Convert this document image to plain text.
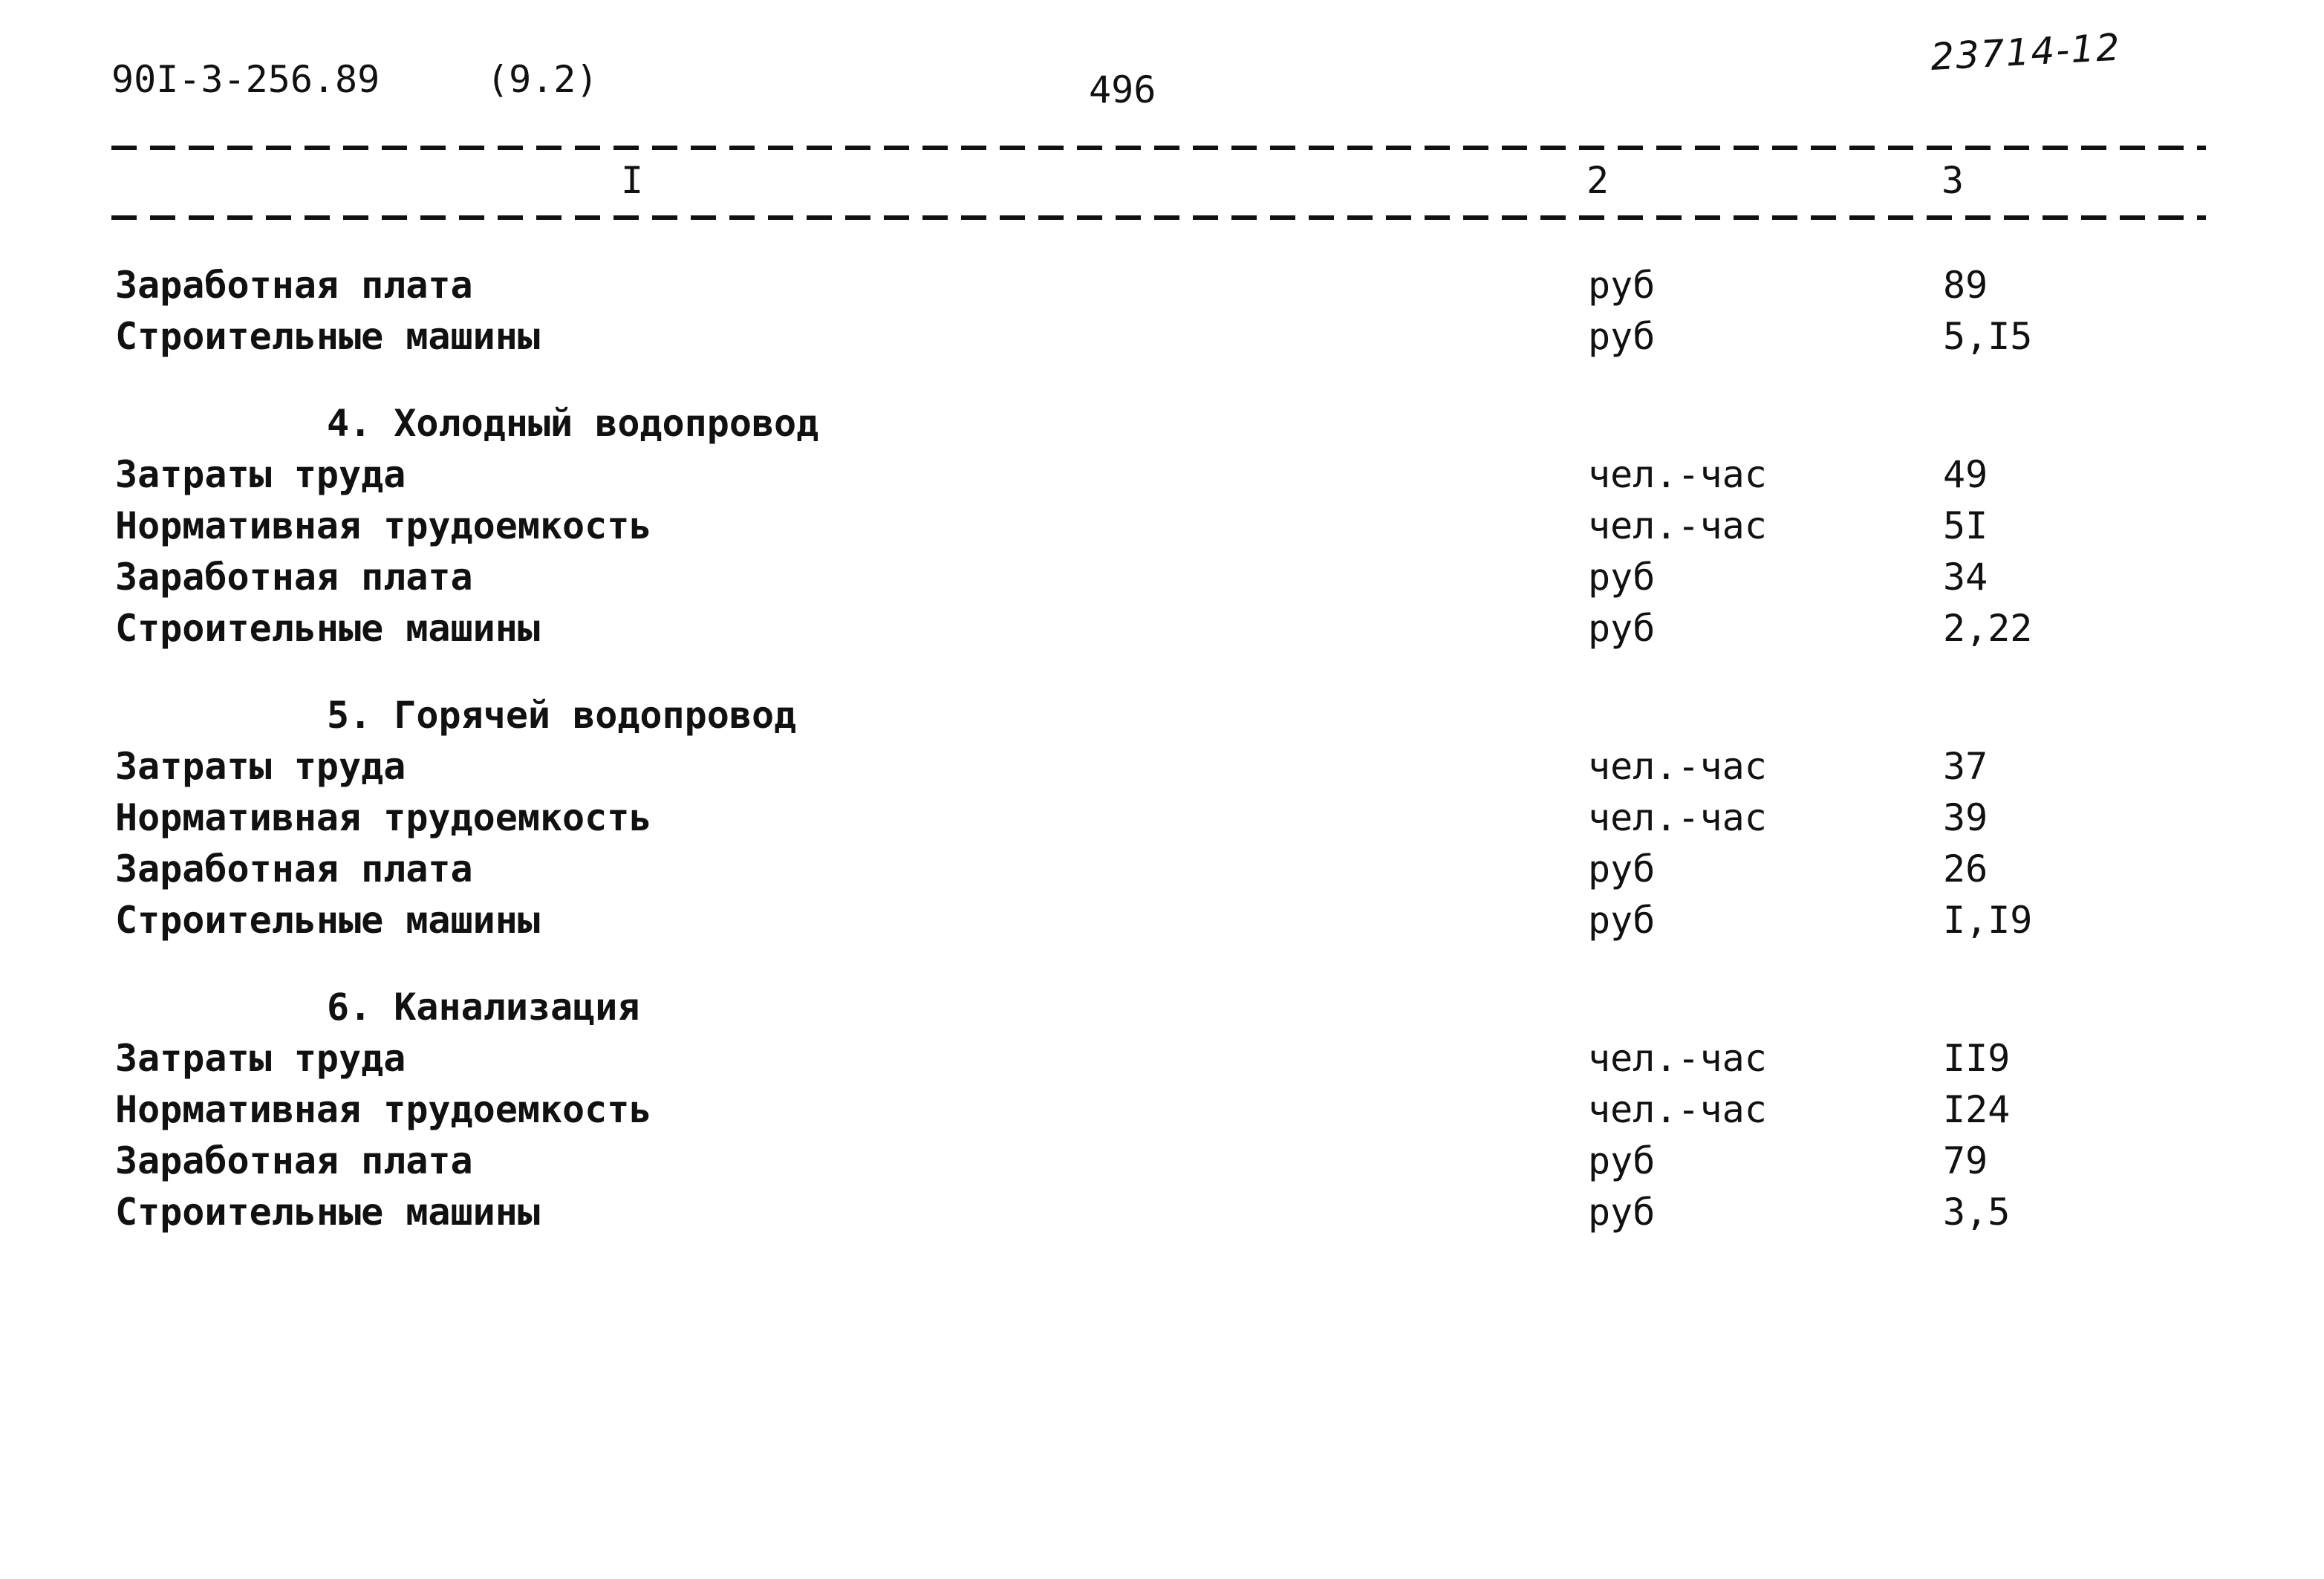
90I-3-256.89	(9.2)	496
23714-12
I	2	3
Заработная плата	руб	89
Строительные машины	руб	5,I5
4. Холодный водопровод
Затраты труда	чел.-час	49
Нормативная трудоемкость	чел.-час	5I
Заработная плата	руб	34
Строительные машины	руб	2,22
5. Горячей водопровод
Затраты труда	чел.-час	37
Нормативная трудоемкость	чел.-час	39
Заработная плата	руб	26
Строительные машины	руб	I,I9
6. Канализация
Затраты труда	чел.-час	II9
Нормативная трудоемкость	чел.-час	I24
Заработная плата	руб	79
Строительные машины	руб	3,5
